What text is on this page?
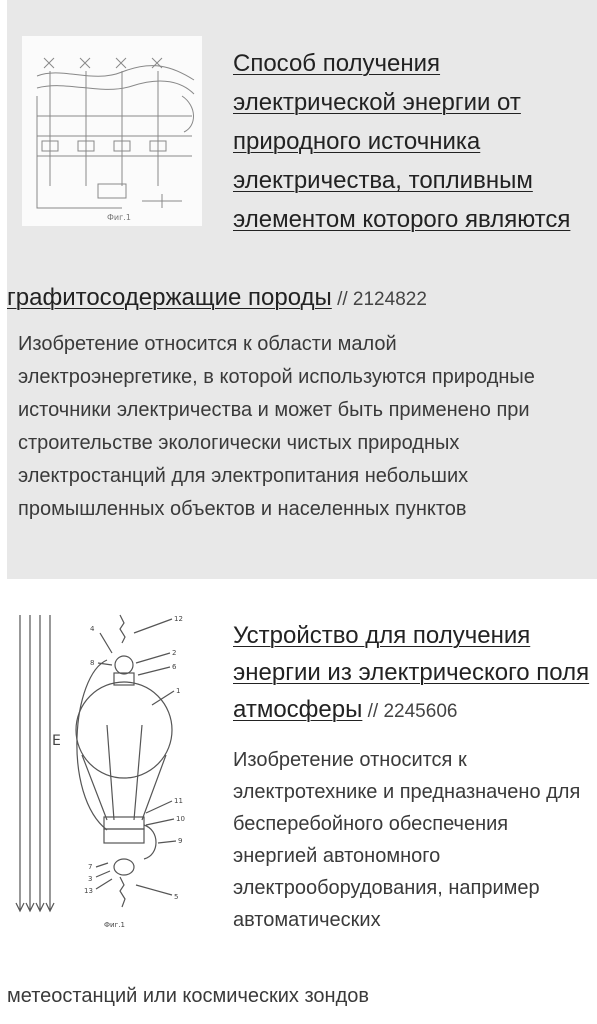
Фиг.1

Способ получения электрической энергии от природного источника электричества, топливным элементом которого являются

графитосодержащие породы // 2124822

Изобретение относится к области малой электроэнергетике, в которой используются природные источники электричества и может быть применено при строительстве экологически чистых природных электростанций для электропитания небольших промышленных объектов и населенных пунктов

E
12
4
8
2
6
1
11
10
9
7
3
13
5
Фиг.1

Устройство для получения энергии из электрического поля атмосферы // 2245606

Изобретение относится к электротехнике и предназначено для бесперебойного обеспечения энергией автономного электрооборудования, например автоматических

метеостанций или космических зондов
